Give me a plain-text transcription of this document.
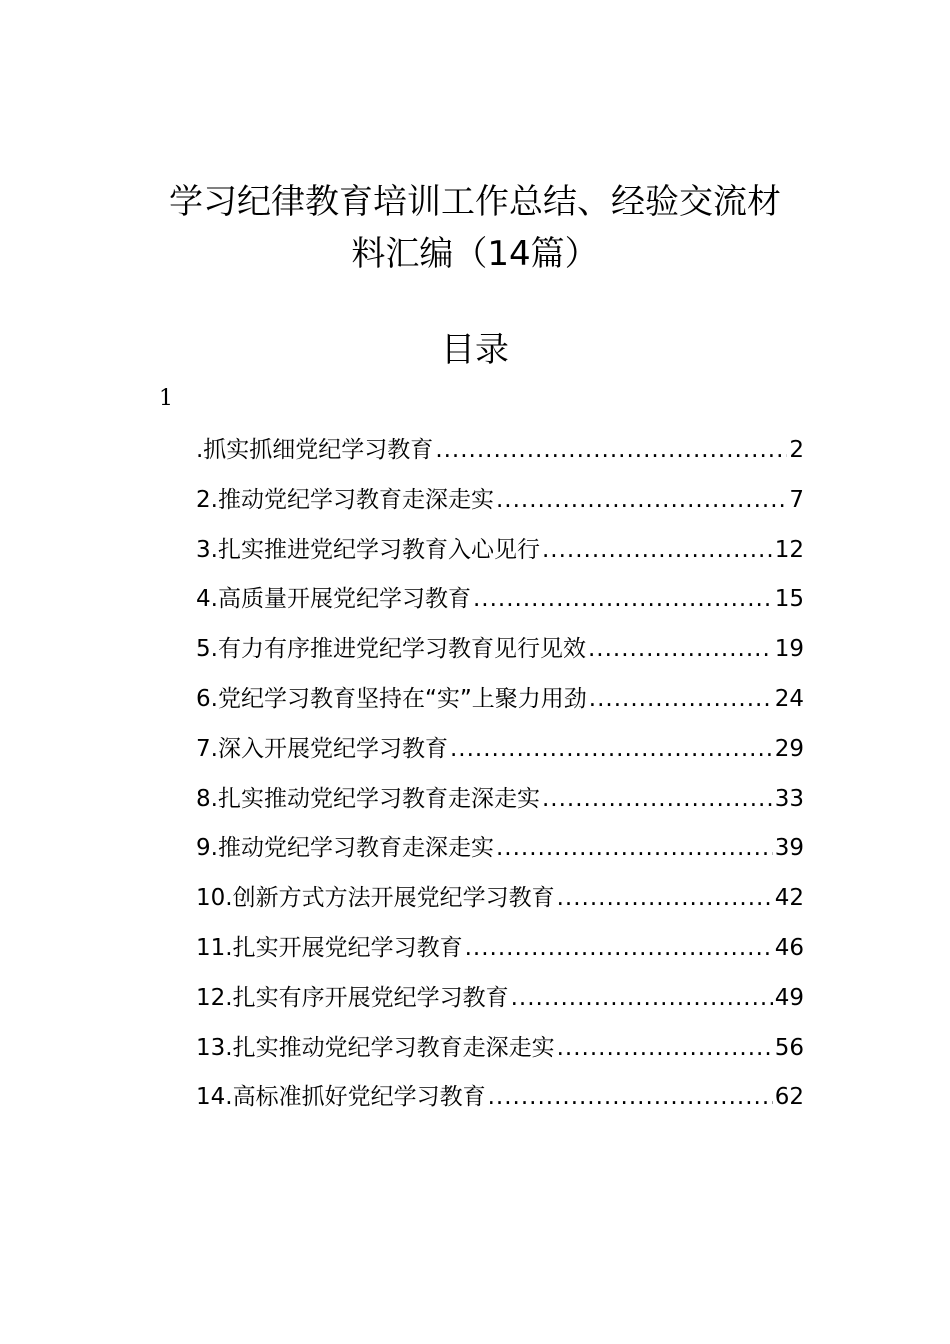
学习纪律教育培训工作总结、经验交流材
料汇编（14篇）
目录
1
.抓实抓细党纪学习教育 .....	2
2.推动党纪学习教育走深走实 .....	7
3.扎实推进党纪学习教育入心见行 .....	12
4.高质量开展党纪学习教育 .....	15
5.有力有序推进党纪学习教育见行见效 .....	19
6.党纪学习教育坚持在“实”上聚力用劲 .....	24
7.深入开展党纪学习教育 .....	29
8.扎实推动党纪学习教育走深走实 .....	33
9.推动党纪学习教育走深走实 .....	39
10.创新方式方法开展党纪学习教育 .....	42
11.扎实开展党纪学习教育 .....	46
12.扎实有序开展党纪学习教育 .....	49
13.扎实推动党纪学习教育走深走实 .....	56
14.高标准抓好党纪学习教育 .....	62
